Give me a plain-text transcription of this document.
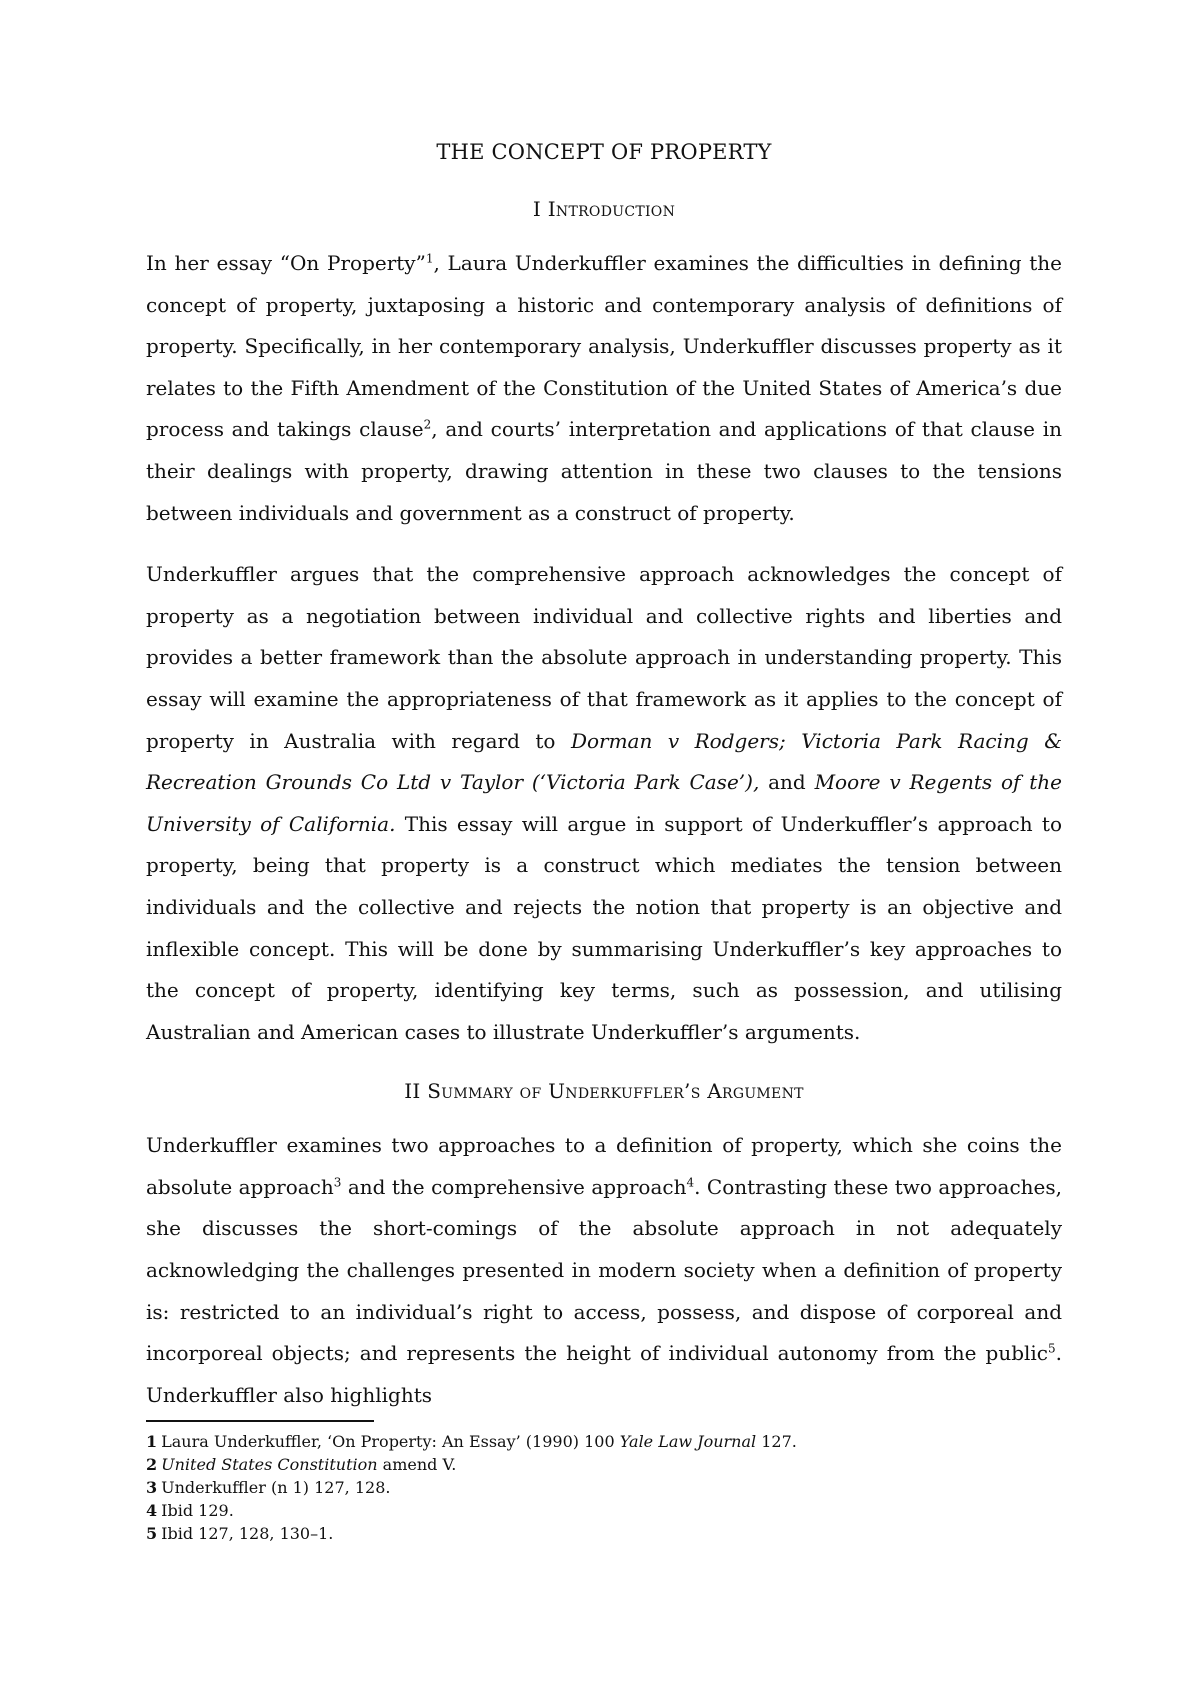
THE CONCEPT OF PROPERTY
I Introduction

In her essay “On Property”$^1$, Laura Underkuffler examines the difficulties in defining the concept of property, juxtaposing a historic and contemporary analysis of definitions of property. Specifically, in her contemporary analysis, Underkuffler discusses property as it relates to the Fifth Amendment of the Constitution of the United States of America’s due process and takings clause$^2$, and courts’ interpretation and applications of that clause in their dealings with property, drawing attention in these two clauses to the tensions between individuals and government as a construct of property.

Underkuffler argues that the comprehensive approach acknowledges the concept of property as a negotiation between individual and collective rights and liberties and provides a better framework than the absolute approach in understanding property. This essay will examine the appropriateness of that framework as it applies to the concept of property in Australia with regard to Dorman v Rodgers; Victoria Park Racing & Recreation Grounds Co Ltd v Taylor (‘Victoria Park Case’), and Moore v Regents of the University of California. This essay will argue in support of Underkuffler’s approach to property, being that property is a construct which mediates the tension between individuals and the collective and rejects the notion that property is an objective and inflexible concept. This will be done by summarising Underkuffler’s key approaches to the concept of property, identifying key terms, such as possession, and utilising Australian and American cases to illustrate Underkuffler’s arguments.

II Summary of Underkuffler’s Argument

Underkuffler examines two approaches to a definition of property, which she coins the absolute approach$^3$ and the comprehensive approach$^4$. Contrasting these two approaches, she discusses the short-comings of the absolute approach in not adequately acknowledging the challenges presented in modern society when a definition of property is: restricted to an individual’s right to access, possess, and dispose of corporeal and incorporeal objects; and represents the height of individual autonomy from the public$^5$. Underkuffler also highlights

1 Laura Underkuffler, ‘On Property: An Essay’ (1990) 100 Yale Law Journal 127.

2 United States Constitution amend V.

3 Underkuffler (n 1) 127, 128.

4 Ibid 129.

5 Ibid 127, 128, 130–1.
